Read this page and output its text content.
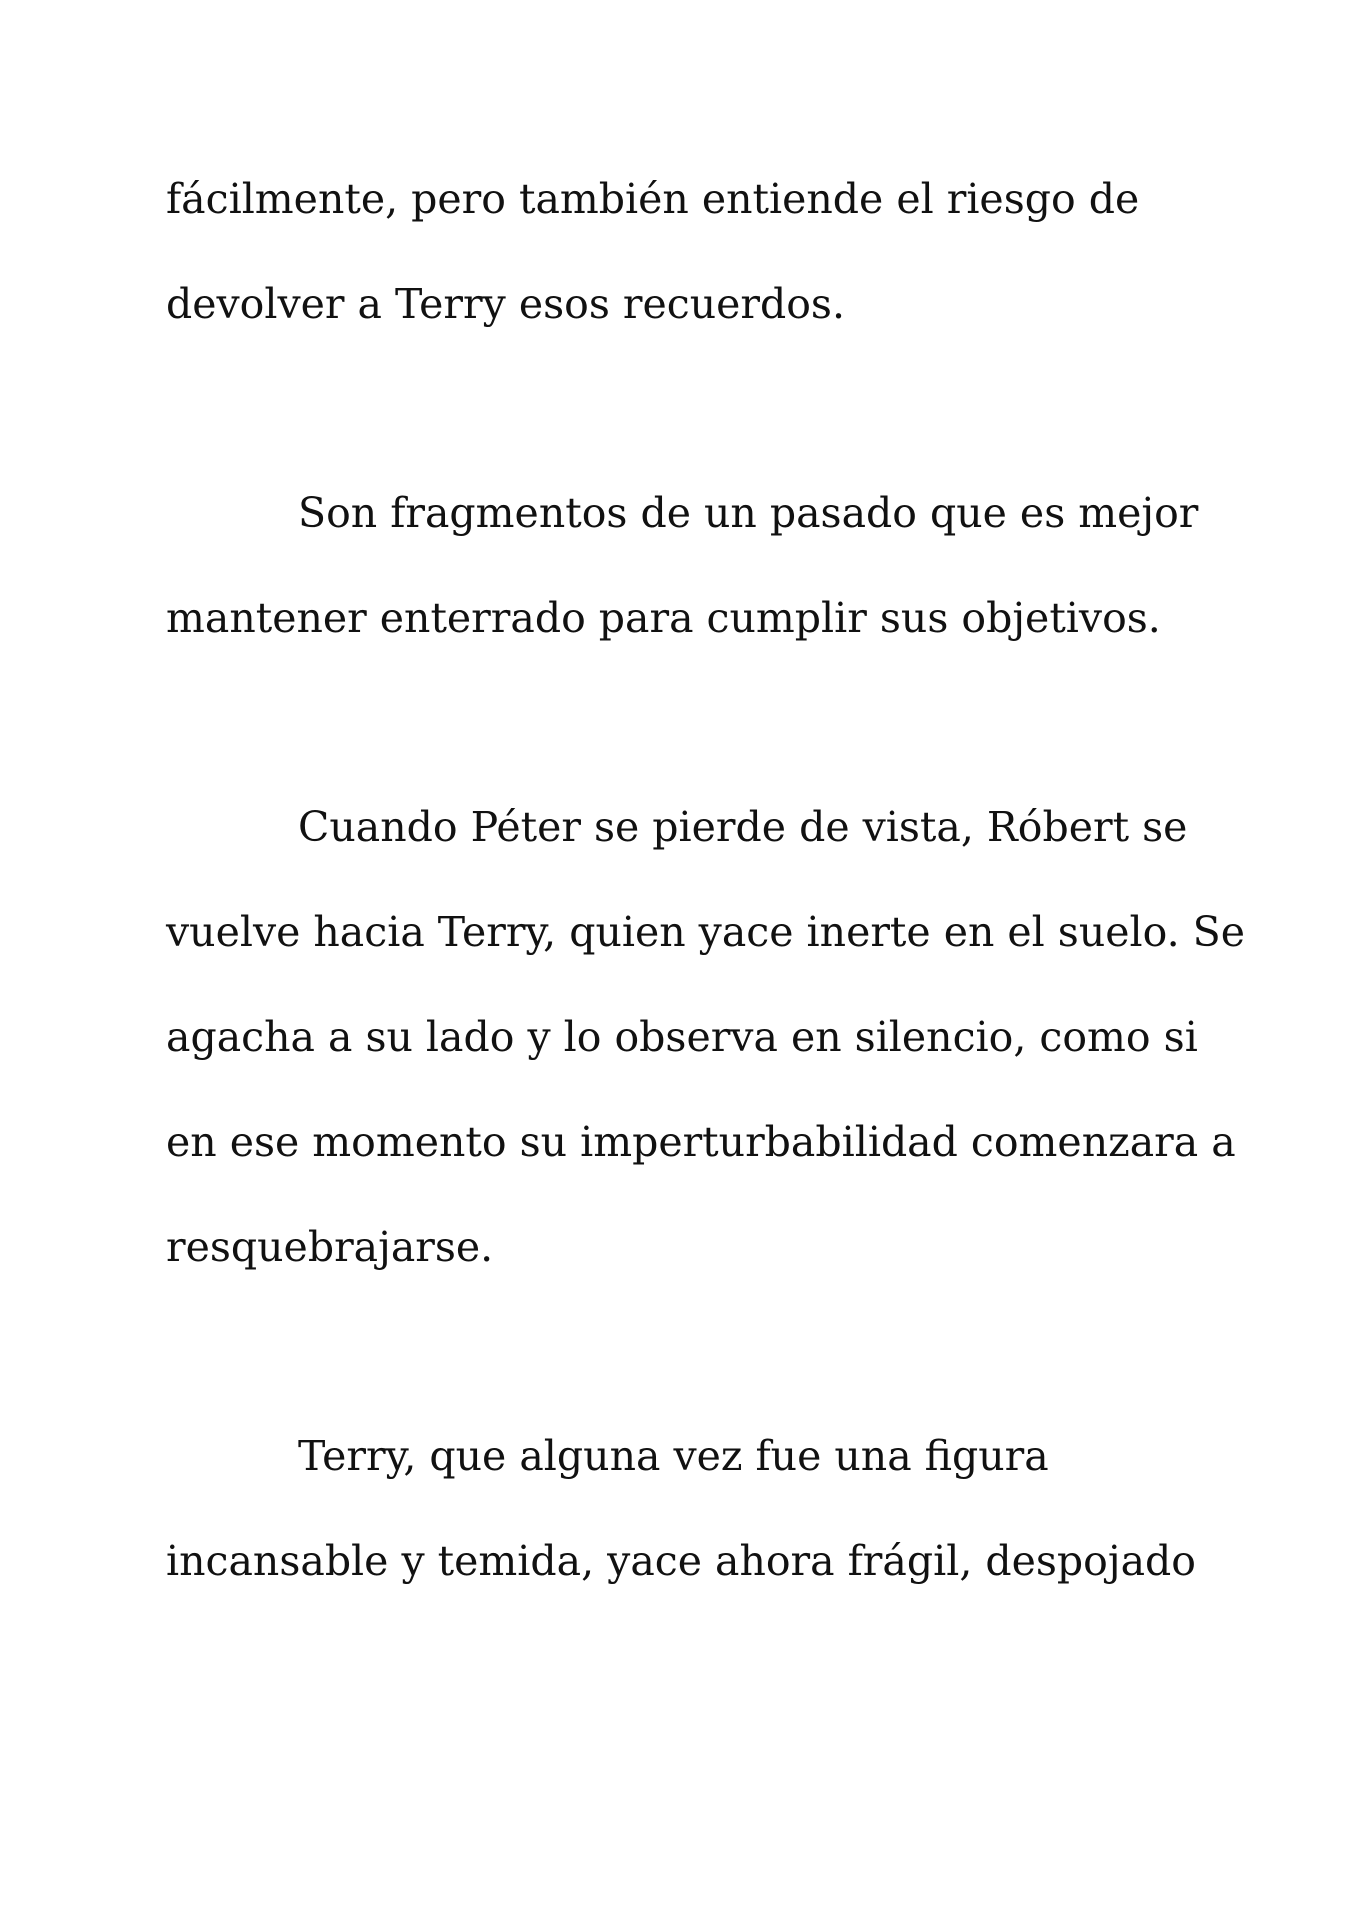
fácilmente, pero también entiende el riesgo de
devolver a Terry esos recuerdos.
Son fragmentos de un pasado que es mejor
mantener enterrado para cumplir sus objetivos.
Cuando Péter se pierde de vista, Róbert se
vuelve hacia Terry, quien yace inerte en el suelo. Se
agacha a su lado y lo observa en silencio, como si
en ese momento su imperturbabilidad comenzara a
resquebrajarse.
Terry, que alguna vez fue una figura
incansable y temida, yace ahora frágil, despojado
